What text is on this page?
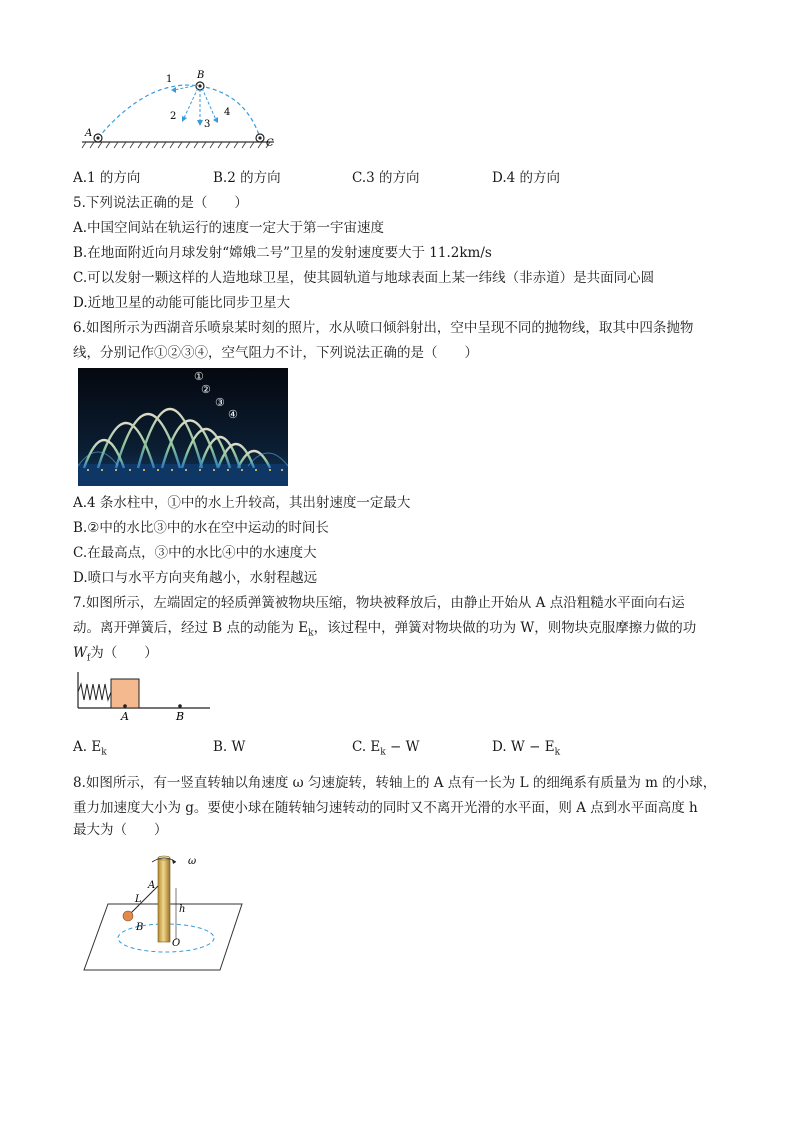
A
B
C
1
2
3
4
A.1 的方向	B.2 的方向	C.3 的方向	D.4 的方向
5.下列说法正确的是（　　）
A.中国空间站在轨运行的速度一定大于第一宇宙速度
B.在地面附近向月球发射“嫦娥二号”卫星的发射速度要大于 11.2km/s
C.可以发射一颗这样的人造地球卫星，使其圆轨道与地球表面上某一纬线（非赤道）是共面同心圆
D.近地卫星的动能可能比同步卫星大
6.如图所示为西湖音乐喷泉某时刻的照片，水从喷口倾斜射出，空中呈现不同的抛物线，取其中四条抛物
线，分别记作①②③④，空气阻力不计，下列说法正确的是（　　）
①
②
③
④
A.4 条水柱中，①中的水上升较高，其出射速度一定最大
B.②中的水比③中的水在空中运动的时间长
C.在最高点，③中的水比④中的水速度大
D.喷口与水平方向夹角越小，水射程越远
7.如图所示，左端固定的轻质弹簧被物块压缩，物块被释放后，由静止开始从 A 点沿粗糙水平面向右运
动。离开弹簧后，经过 B 点的动能为 $E_k$，该过程中，弹簧对物块做的功为 W，则物块克服摩擦力做的功
$W_f$为（　　）
A	B
A. $E_k$	B. W	C. $E_k - W$	D. $W - E_k$
8.如图所示，有一竖直转轴以角速度 ω 匀速旋转，转轴上的 A 点有一长为 L 的细绳系有质量为 m 的小球，
重力加速度大小为 g。要使小球在随转轴匀速转动的同时又不离开光滑的水平面，则 A 点到水平面高度 h
最大为（　　）
ω
A
L
h
B
O
